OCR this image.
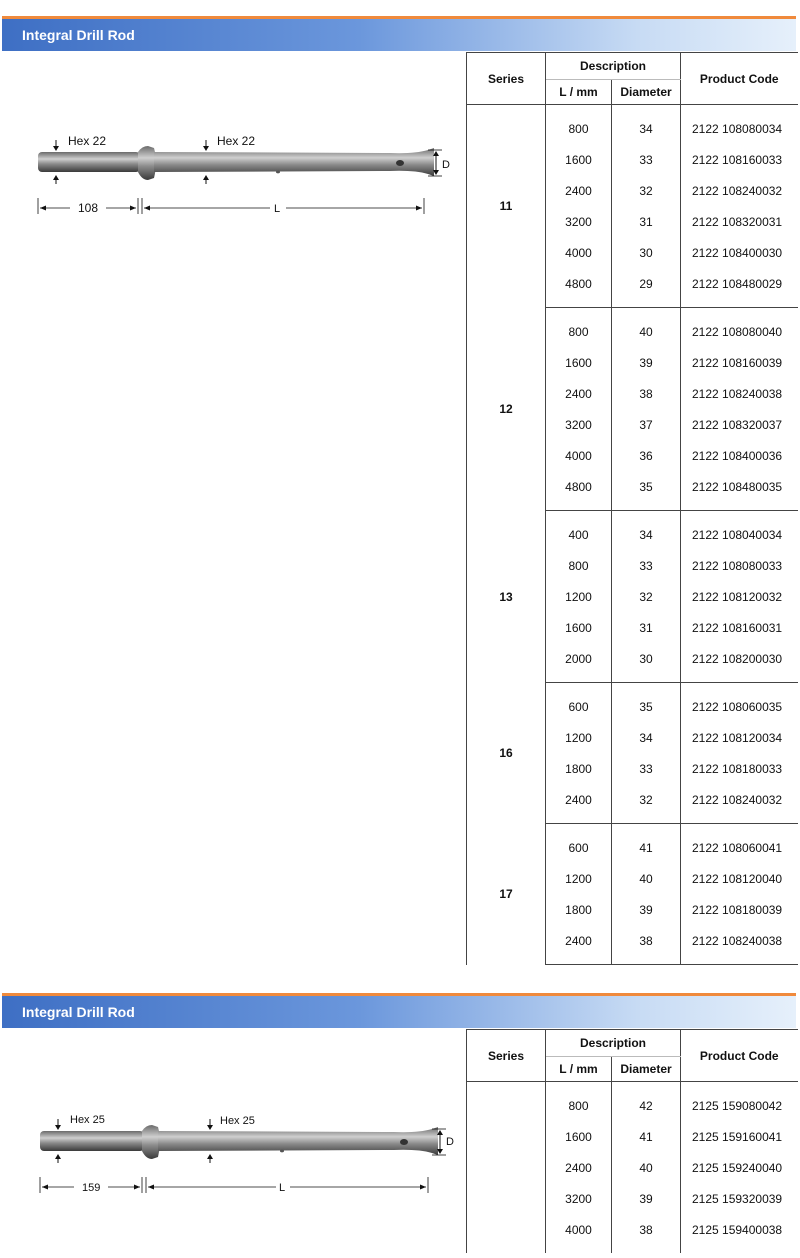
Integral Drill Rod
Hex 22	Hex 22
D
108	L
Series	Description		Product Code
	L / mm	Diameter	
11			
	800	34	2122 108080034
	1600	33	2122 108160033
	2400	32	2122 108240032
	3200	31	2122 108320031
	4000	30	2122 108400030
	4800	29	2122 108480029

12			
	800	40	2122 108080040
	1600	39	2122 108160039
	2400	38	2122 108240038
	3200	37	2122 108320037
	4000	36	2122 108400036
	4800	35	2122 108480035

13			
	400	34	2122 108040034
	800	33	2122 108080033
	1200	32	2122 108120032
	1600	31	2122 108160031
	2000	30	2122 108200030

16			
	600	35	2122 108060035
	1200	34	2122 108120034
	1800	33	2122 108180033
	2400	32	2122 108240032

17			
	600	41	2122 108060041
	1200	40	2122 108120040
	1800	39	2122 108180039
	2400	38	2122 108240038

Integral Drill Rod
Hex 25	Hex 25
D
159	L
Series	Description		Product Code
	L / mm	Diameter	

	800	42	2125 159080042
	1600	41	2125 159160041
	2400	40	2125 159240040
	3200	39	2125 159320039
	4000	38	2125 159400038
